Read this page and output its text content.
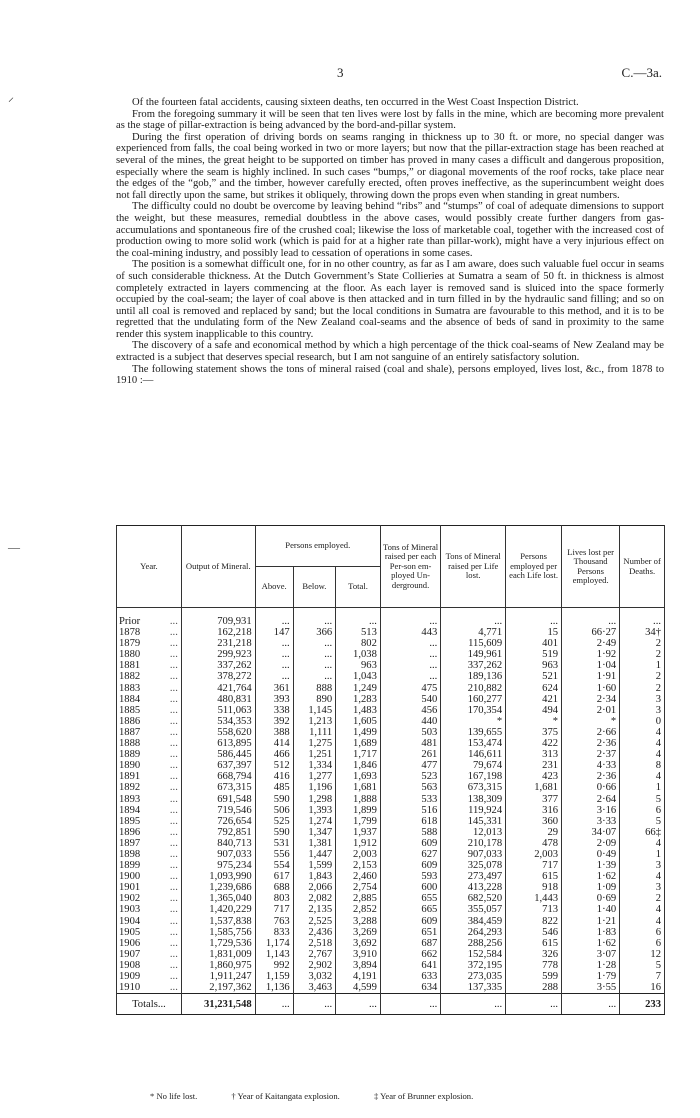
3	C.—3a.
⸝
—

Of the fourteen fatal accidents, causing sixteen deaths, ten occurred in the West Coast Inspection District.

From the foregoing summary it will be seen that ten lives were lost by falls in the mine, which are becoming more prevalent as the stage of pillar-extraction is being advanced by the bord-and-pillar system.

During the first operation of driving bords on seams ranging in thickness up to 30 ft. or more, no special danger was experienced from falls, the coal being worked in two or more layers; but now that the pillar-extraction stage has been reached at several of the mines, the great height to be supported on timber has proved in many cases a difficult and dangerous proposition, especially where the seam is highly inclined. In such cases “bumps,” or diagonal movements of the roof rocks, take place near the edges of the “gob,” and the timber, however carefully erected, often proves ineffective, as the superincumbent weight does not fall directly upon the same, but strikes it obliquely, throwing down the props even when standing in great numbers.

The difficulty could no doubt be overcome by leaving behind “ribs” and “stumps” of coal of adequate dimensions to support the weight, but these measures, remedial doubtless in the above cases, would possibly create further dangers from gas-accumulations and spontaneous fire of the crushed coal; likewise the loss of marketable coal, together with the increased cost of production owing to more solid work (which is paid for at a higher rate than pillar-work), might have a very injurious effect on the coal-mining industry, and possibly lead to cessation of operations in some cases.

The position is a somewhat difficult one, for in no other country, as far as I am aware, does such valuable fuel occur in seams of such considerable thickness. At the Dutch Government’s State Collieries at Sumatra a seam of 50 ft. in thickness is almost completely extracted in layers commencing at the floor. As each layer is removed sand is sluiced into the space formerly occupied by the coal-seam; the layer of coal above is then attacked and in turn filled in by the hydraulic sand filling; and so on until all coal is removed and replaced by sand; but the local conditions in Sumatra are favourable to this method, and it is to be regretted that the undulating form of the New Zealand coal-seams and the absence of beds of sand in proximity to the same render this system inapplicable to this country.

The discovery of a safe and economical method by which a high percentage of the thick coal-seams of New Zealand may be extracted is a subject that deserves special research, but I am not sanguine of an entirely satisfactory solution.

The following statement shows the tons of mineral raised (coal and shale), persons employed, lives lost, &c., from 1878 to 1910 :—

Year.	Output of Mineral.	Persons employed.			Tons of Mineral raised per each Per-son em-ployed Un-derground.	Tons of Mineral raised per Life lost.	Persons employed per each Life lost.	Lives lost per Thousand Persons employed.	Number of Deaths.
		Above.	Below.	Total.					
Prior ...	709,931	...	...	...	...	...	...	...	...
1878 ...	162,218	147	366	513	443	4,771	15	66·27	34†
1879 ...	231,218	...	...	802	...	115,609	401	2·49	2
1880 ...	299,923	...	...	1,038	...	149,961	519	1·92	2
1881 ...	337,262	...	...	963	...	337,262	963	1·04	1
1882 ...	378,272	...	...	1,043	...	189,136	521	1·91	2
1883 ...	421,764	361	888	1,249	475	210,882	624	1·60	2
1884 ...	480,831	393	890	1,283	540	160,277	421	2·34	3
1885 ...	511,063	338	1,145	1,483	456	170,354	494	2·01	3
1886 ...	534,353	392	1,213	1,605	440	*	*	*	0
1887 ...	558,620	388	1,111	1,499	503	139,655	375	2·66	4
1888 ...	613,895	414	1,275	1,689	481	153,474	422	2·36	4
1889 ...	586,445	466	1,251	1,717	261	146,611	313	2·37	4
1890 ...	637,397	512	1,334	1,846	477	79,674	231	4·33	8
1891 ...	668,794	416	1,277	1,693	523	167,198	423	2·36	4
1892 ...	673,315	485	1,196	1,681	563	673,315	1,681	0·66	1
1893 ...	691,548	590	1,298	1,888	533	138,309	377	2·64	5
1894 ...	719,546	506	1,393	1,899	516	119,924	316	3·16	6
1895 ...	726,654	525	1,274	1,799	618	145,331	360	3·33	5
1896 ...	792,851	590	1,347	1,937	588	12,013	29	34·07	66‡
1897 ...	840,713	531	1,381	1,912	609	210,178	478	2·09	4
1898 ...	907,033	556	1,447	2,003	627	907,033	2,003	0·49	1
1899 ...	975,234	554	1,599	2,153	609	325,078	717	1·39	3
1900 ...	1,093,990	617	1,843	2,460	593	273,497	615	1·62	4
1901 ...	1,239,686	688	2,066	2,754	600	413,228	918	1·09	3
1902 ...	1,365,040	803	2,082	2,885	655	682,520	1,443	0·69	2
1903 ...	1,420,229	717	2,135	2,852	665	355,057	713	1·40	4
1904 ...	1,537,838	763	2,525	3,288	609	384,459	822	1·21	4
1905 ...	1,585,756	833	2,436	3,269	651	264,293	546	1·83	6
1906 ...	1,729,536	1,174	2,518	3,692	687	288,256	615	1·62	6
1907 ...	1,831,009	1,143	2,767	3,910	662	152,584	326	3·07	12
1908 ...	1,860,975	992	2,902	3,894	641	372,195	778	1·28	5
1909 ...	1,911,247	1,159	3,032	4,191	633	273,035	599	1·79	7
1910 ...	2,197,362	1,136	3,463	4,599	634	137,335	288	3·55	16
Totals...	31,231,548	...	...	...	...	...	...	...	233
* No life lost.	† Year of Kaitangata explosion.	‡ Year of Brunner explosion.
